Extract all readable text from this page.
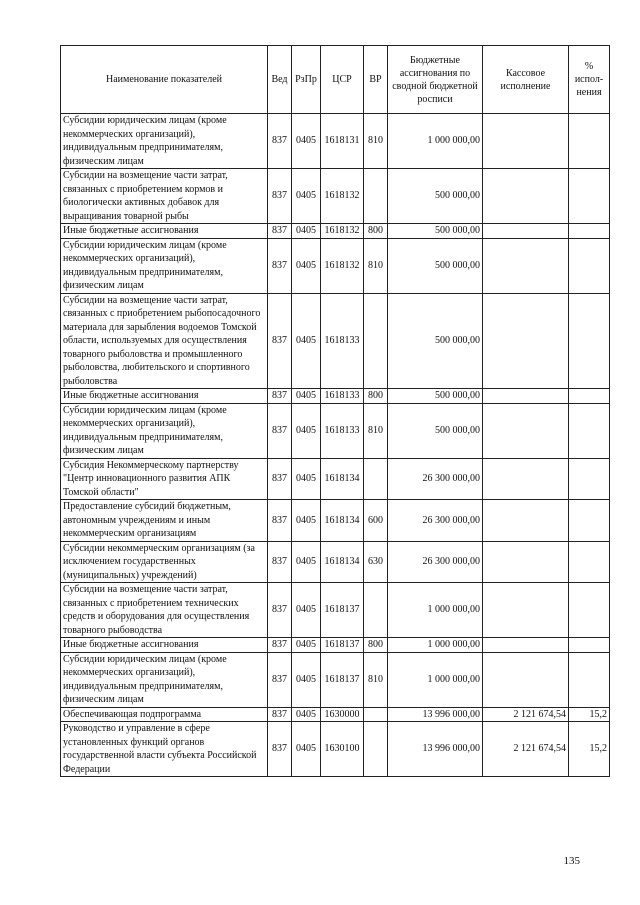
Наименование показателей	Вед	РзПр	ЦСР	ВР	Бюджетные ассигнования по сводной бюджетной росписи	Кассовое исполнение	% испол-нения
Субсидии юридическим лицам (кроме некоммерческих организаций), индивидуальным предпринимателям, физическим лицам	837	0405	1618131	810	1 000 000,00		
Субсидии на возмещение части затрат, связанных с приобретением кормов и биологически активных добавок для выращивания товарной рыбы	837	0405	1618132		500 000,00		
Иные бюджетные ассигнования	837	0405	1618132	800	500 000,00		
Субсидии юридическим лицам (кроме некоммерческих организаций), индивидуальным предпринимателям, физическим лицам	837	0405	1618132	810	500 000,00		
Субсидии на возмещение части затрат, связанных с приобретением рыбопосадочного материала для зарыбления водоемов Томской области, используемых для осуществления товарного рыболовства и промышленного рыболовства, любительского и спортивного рыболовства	837	0405	1618133		500 000,00		
Иные бюджетные ассигнования	837	0405	1618133	800	500 000,00		
Субсидии юридическим лицам (кроме некоммерческих организаций), индивидуальным предпринимателям, физическим лицам	837	0405	1618133	810	500 000,00		
Субсидия Некоммерческому партнерству "Центр инновационного развития АПК Томской области"	837	0405	1618134		26 300 000,00		
Предоставление субсидий бюджетным, автономным учреждениям и иным некоммерческим организациям	837	0405	1618134	600	26 300 000,00		
Субсидии некоммерческим организациям (за исключением государственных (муниципальных) учреждений)	837	0405	1618134	630	26 300 000,00		
Субсидии на возмещение части затрат, связанных с приобретением технических средств и оборудования для осуществления товарного рыбоводства	837	0405	1618137		1 000 000,00		
Иные бюджетные ассигнования	837	0405	1618137	800	1 000 000,00		
Субсидии юридическим лицам (кроме некоммерческих организаций), индивидуальным предпринимателям, физическим лицам	837	0405	1618137	810	1 000 000,00		
Обеспечивающая подпрограмма	837	0405	1630000		13 996 000,00	2 121 674,54	15,2
Руководство и управление в сфере установленных функций органов государственной власти субъекта Российской Федерации	837	0405	1630100		13 996 000,00	2 121 674,54	15,2
135
